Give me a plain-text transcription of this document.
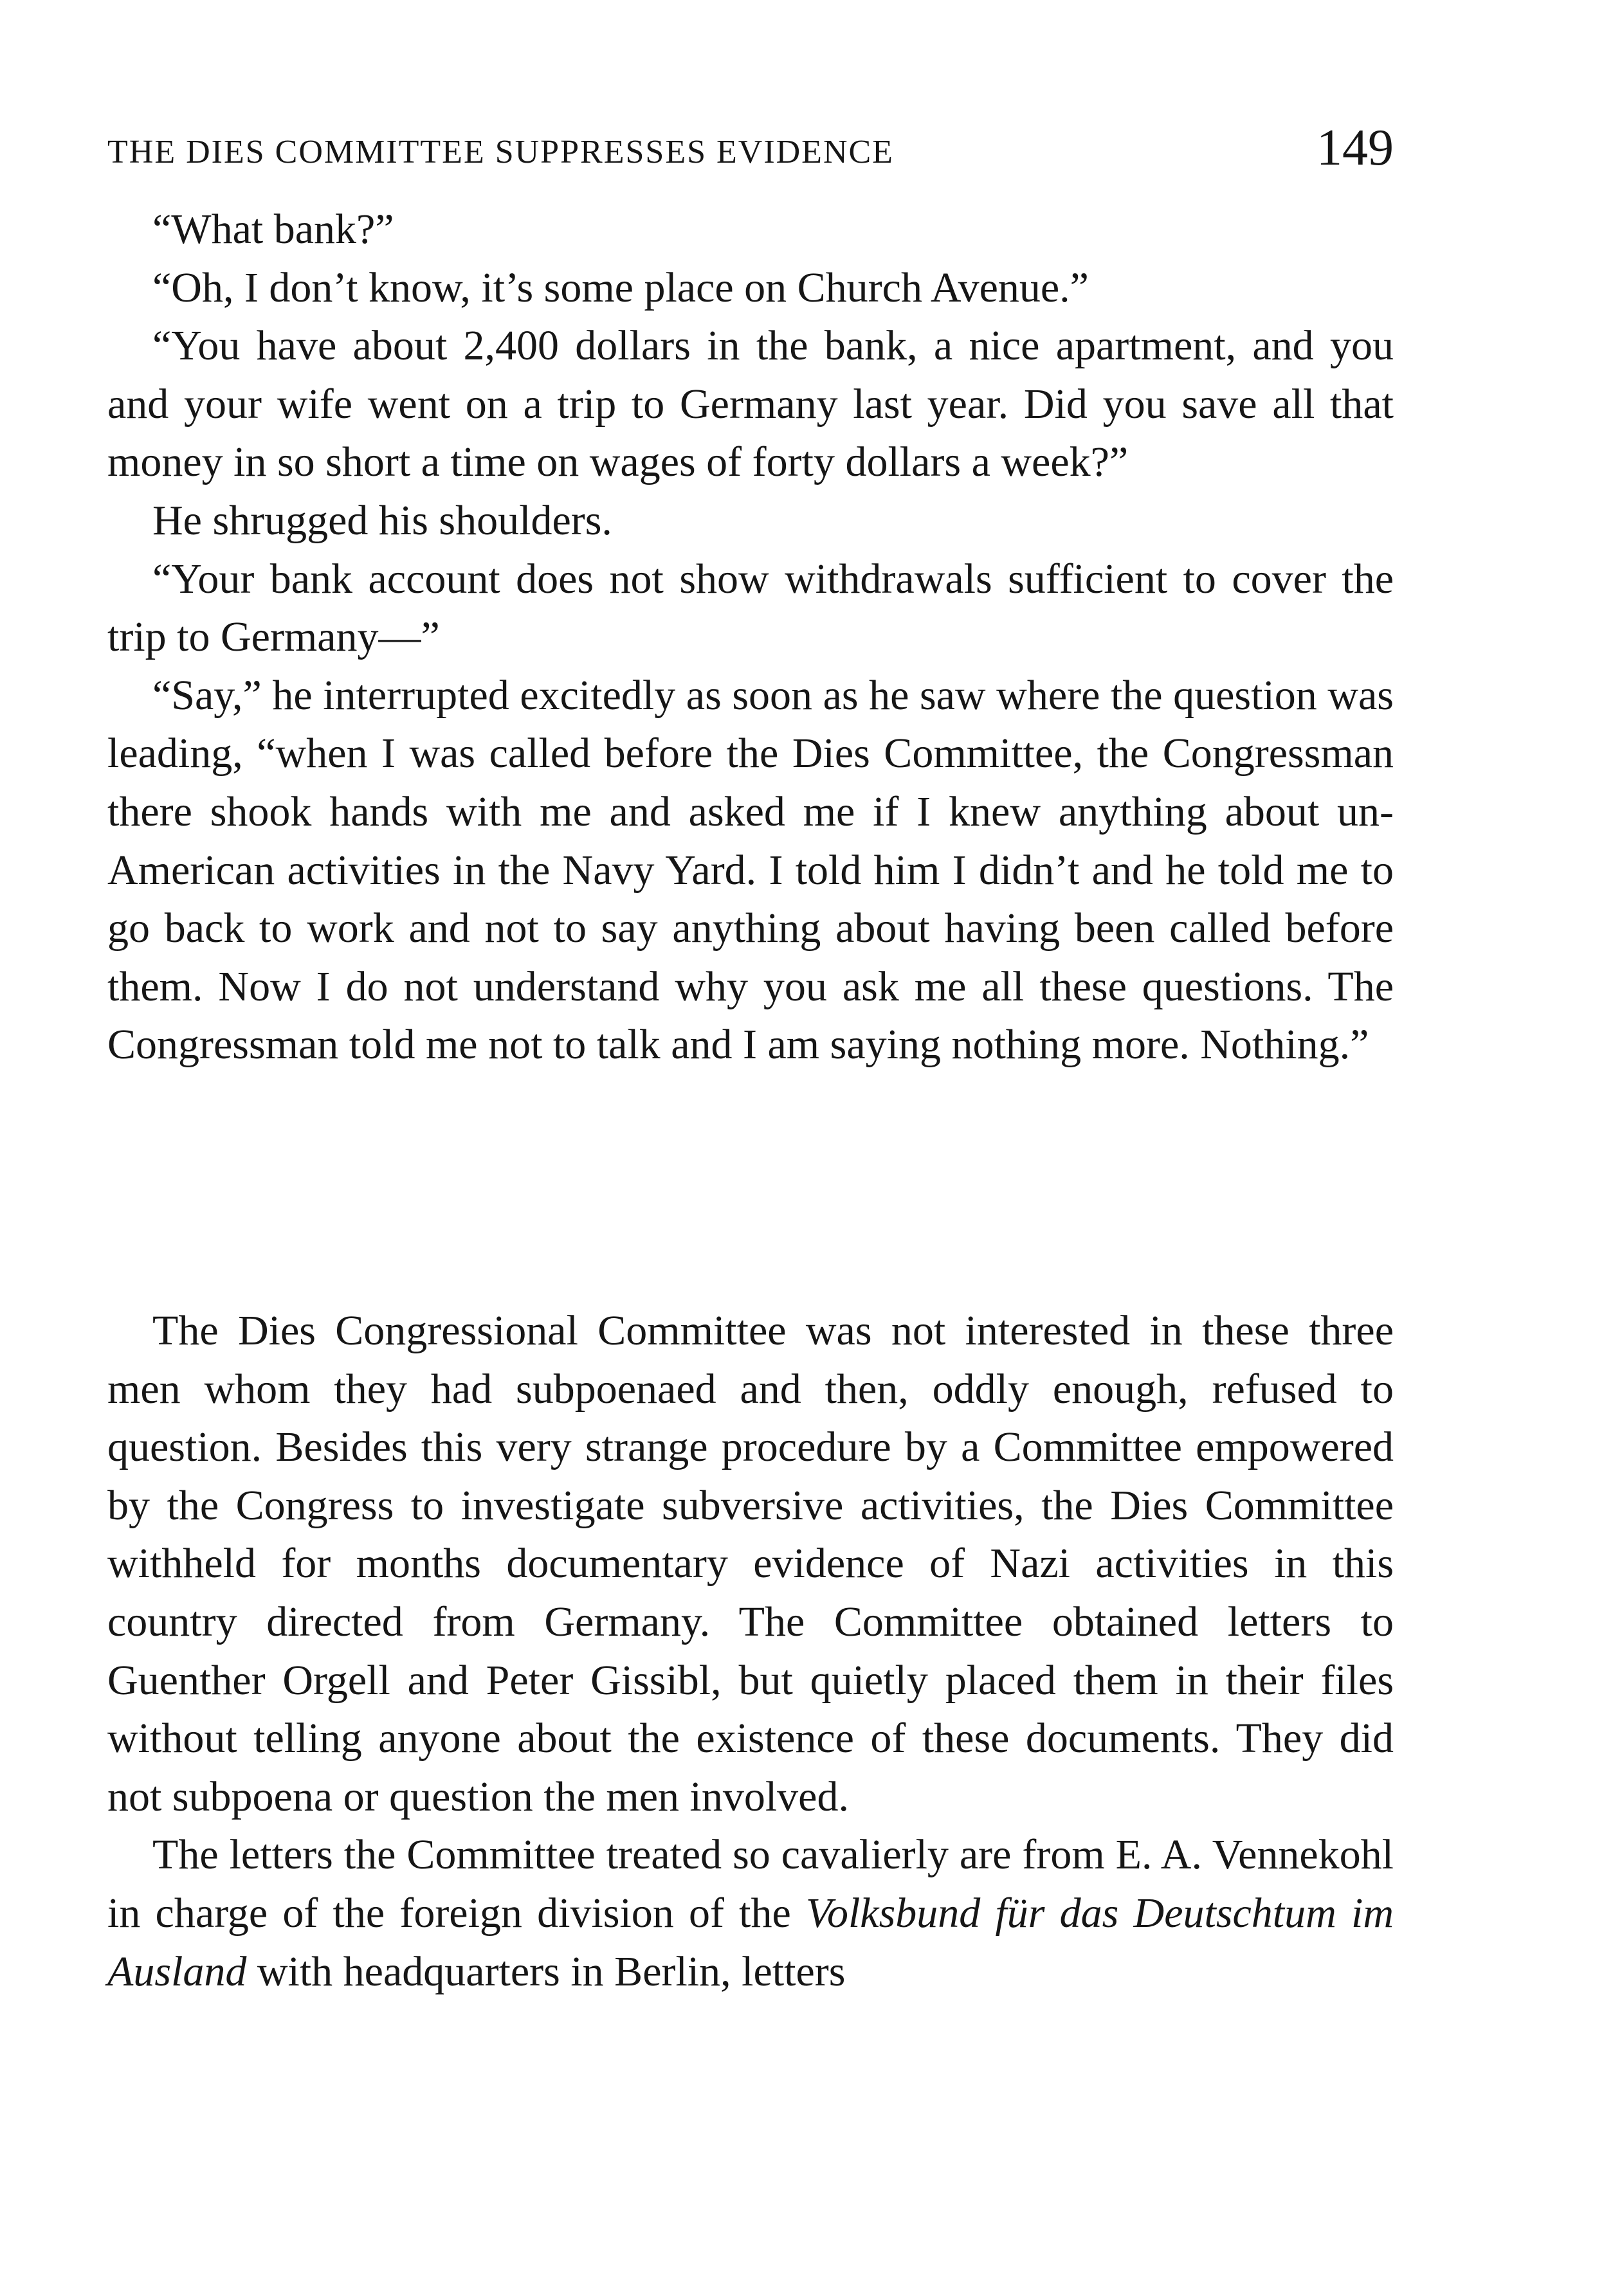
THE DIES COMMITTEE SUPPRESSES EVIDENCE	149

“What bank?”

“Oh, I don’t know, it’s some place on Church Avenue.”

“You have about 2,400 dollars in the bank, a nice apartment, and you and your wife went on a trip to Germany last year. Did you save all that money in so short a time on wages of forty dollars a week?”

He shrugged his shoulders.

“Your bank account does not show withdrawals sufficient to cover the trip to Germany—”

“Say,” he interrupted excitedly as soon as he saw where the question was leading, “when I was called before the Dies Committee, the Congressman there shook hands with me and asked me if I knew anything about un-American activities in the Navy Yard. I told him I didn’t and he told me to go back to work and not to say anything about having been called before them. Now I do not understand why you ask me all these questions. The Congressman told me not to talk and I am saying nothing more. Nothing.”

The Dies Congressional Committee was not interested in these three men whom they had subpoenaed and then, oddly enough, refused to question. Besides this very strange procedure by a Committee empowered by the Congress to investigate subversive activities, the Dies Committee withheld for months documentary evidence of Nazi activities in this country directed from Germany. The Committee obtained letters to Guenther Orgell and Peter Gissibl, but quietly placed them in their files without telling anyone about the existence of these documents. They did not subpoena or question the men involved.

The letters the Committee treated so cavalierly are from E. A. Vennekohl in charge of the foreign division of the Volksbund für das Deutschtum im Ausland with headquarters in Berlin, letters
